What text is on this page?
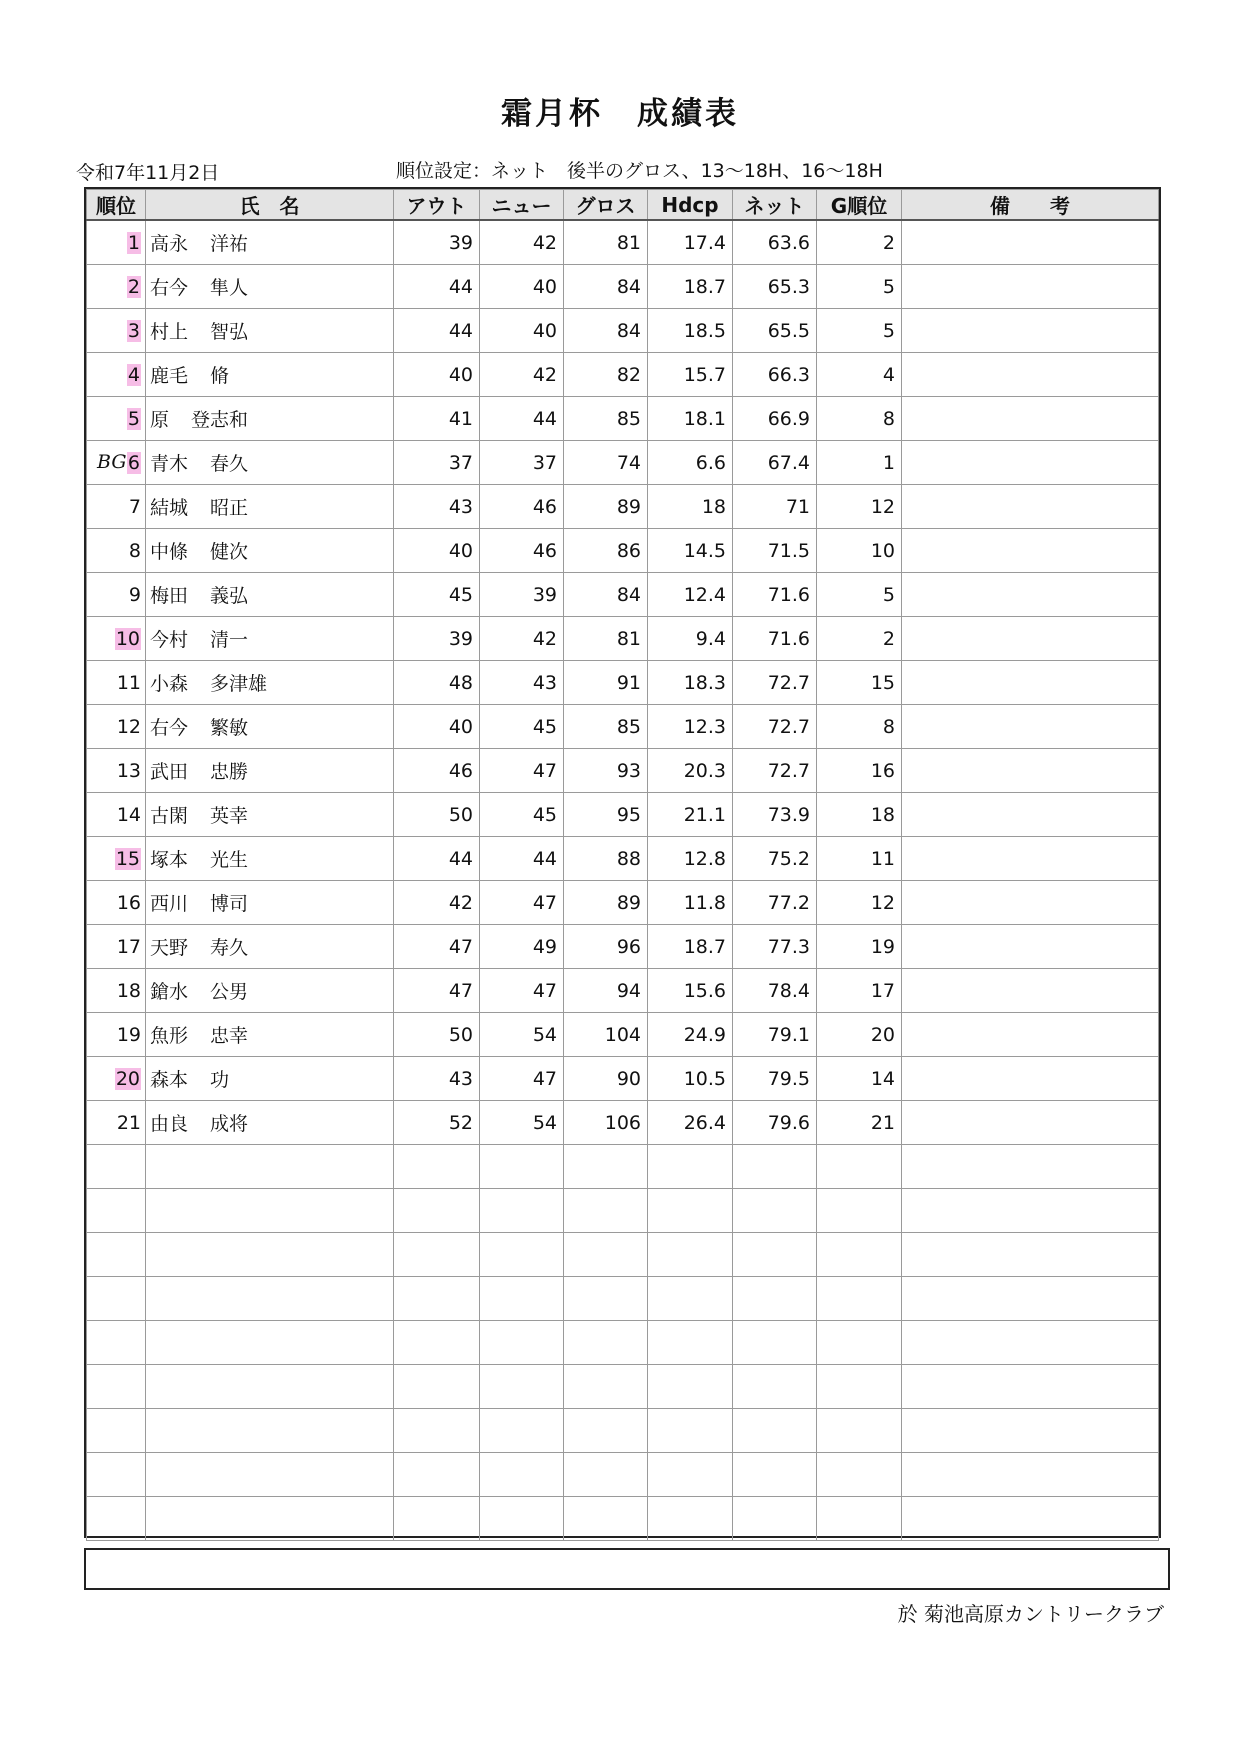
霜月杯　成績表
令和7年11月2日	順位設定：ネット　後半のグロス、13～18H、16～18H
順位	氏　名	アウト	ニュー	グロス	Hdcp	ネット	G順位	備　　考
1	高永 洋祐	39	42	81	17.4	63.6	2	
2	右今 隼人	44	40	84	18.7	65.3	5	
3	村上 智弘	44	40	84	18.5	65.5	5	
4	鹿毛 脩	40	42	82	15.7	66.3	4	
5	原 登志和	41	44	85	18.1	66.9	8	

BG 6	青木 春久	37	37	74	6.6	67.4	1	
7	結城 昭正	43	46	89	18	71	12	
8	中條 健次	40	46	86	14.5	71.5	10	
9	梅田 義弘	45	39	84	12.4	71.6	5	
10	今村 清一	39	42	81	9.4	71.6	2	
11	小森 多津雄	48	43	91	18.3	72.7	15	
12	右今 繁敏	40	45	85	12.3	72.7	8	
13	武田 忠勝	46	47	93	20.3	72.7	16	
14	古閑 英幸	50	45	95	21.1	73.9	18	
15	塚本 光生	44	44	88	12.8	75.2	11	
16	西川 博司	42	47	89	11.8	77.2	12	
17	天野 寿久	47	49	96	18.7	77.3	19	
18	鎗水 公男	47	47	94	15.6	78.4	17	
19	魚形 忠幸	50	54	104	24.9	79.1	20	
20	森本 功	43	47	90	10.5	79.5	14	
21	由良 成将	52	54	106	26.4	79.6	21	

於 菊池高原カントリークラブ
